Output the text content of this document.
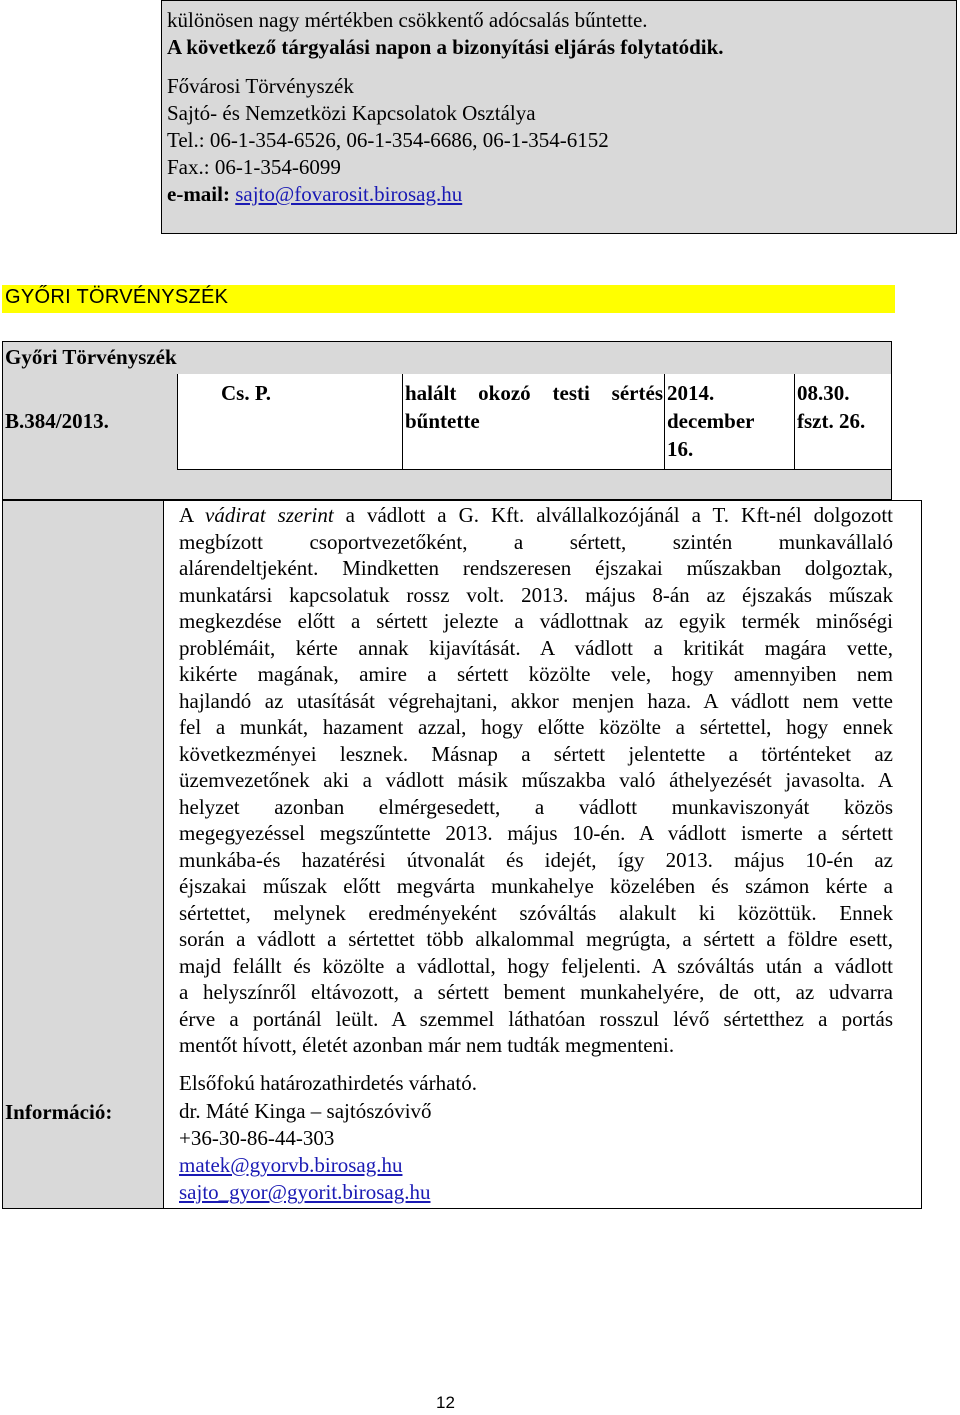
különösen nagy mértékben csökkentő adócsalás bűntette.
A következő tárgyalási napon a bizonyítási eljárás folytatódik.
Fővárosi Törvényszék
Sajtó- és Nemzetközi Kapcsolatok Osztálya
Tel.: 06-1-354-6526, 06-1-354-6686, 06-1-354-6152
Fax.: 06-1-354-6099
e-mail: sajto@fovarosit.birosag.hu
GYŐRI TÖRVÉNYSZÉK
Győri Törvényszék
B.384/2013.
Cs. P.	halált okozó testi sértés
bűntette
2014.
december
16.
08.30.
fszt. 26.
Információ:
A vádirat szerint a vádlott a G. Kft. alvállalkozójánál a T. Kft-nél dolgozott
megbízott csoportvezetőként, a sértett, szintén munkavállaló
alárendeltjeként. Mindketten rendszeresen éjszakai műszakban dolgoztak,
munkatársi kapcsolatuk rossz volt. 2013. május 8-án az éjszakás műszak
megkezdése előtt a sértett jelezte a vádlottnak az egyik termék minőségi
problémáit, kérte annak kijavítását. A vádlott a kritikát magára vette,
kikérte magának, amire a sértett közölte vele, hogy amennyiben nem
hajlandó az utasítását végrehajtani, akkor menjen haza. A vádlott nem vette
fel a munkát, hazament azzal, hogy előtte közölte a sértettel, hogy ennek
következményei lesznek. Másnap a sértett jelentette a történteket az
üzemvezetőnek aki a vádlott másik műszakba való áthelyezését javasolta. A
helyzet azonban elmérgesedett, a vádlott munkaviszonyát közös
megegyezéssel megszűntette 2013. május 10-én. A vádlott ismerte a sértett
munkába-és hazatérési útvonalát és idejét, így 2013. május 10-én az
éjszakai műszak előtt megvárta munkahelye közelében és számon kérte a
sértettet, melynek eredményeként szóváltás alakult ki közöttük. Ennek
során a vádlott a sértettet több alkalommal megrúgta, a sértett a földre esett,
majd felállt és közölte a vádlottal, hogy feljelenti. A szóváltás után a vádlott
a helyszínről eltávozott, a sértett bement munkahelyére, de ott, az udvarra
érve a portánál leült. A szemmel láthatóan rosszul lévő sértetthez a portás
mentőt hívott, életét azonban már nem tudták megmenteni.
Elsőfokú határozathirdetés várható.
dr. Máté Kinga – sajtószóvivő
+36-30-86-44-303
matek@gyorvb.birosag.hu
sajto_gyor@gyorit.birosag.hu
12
